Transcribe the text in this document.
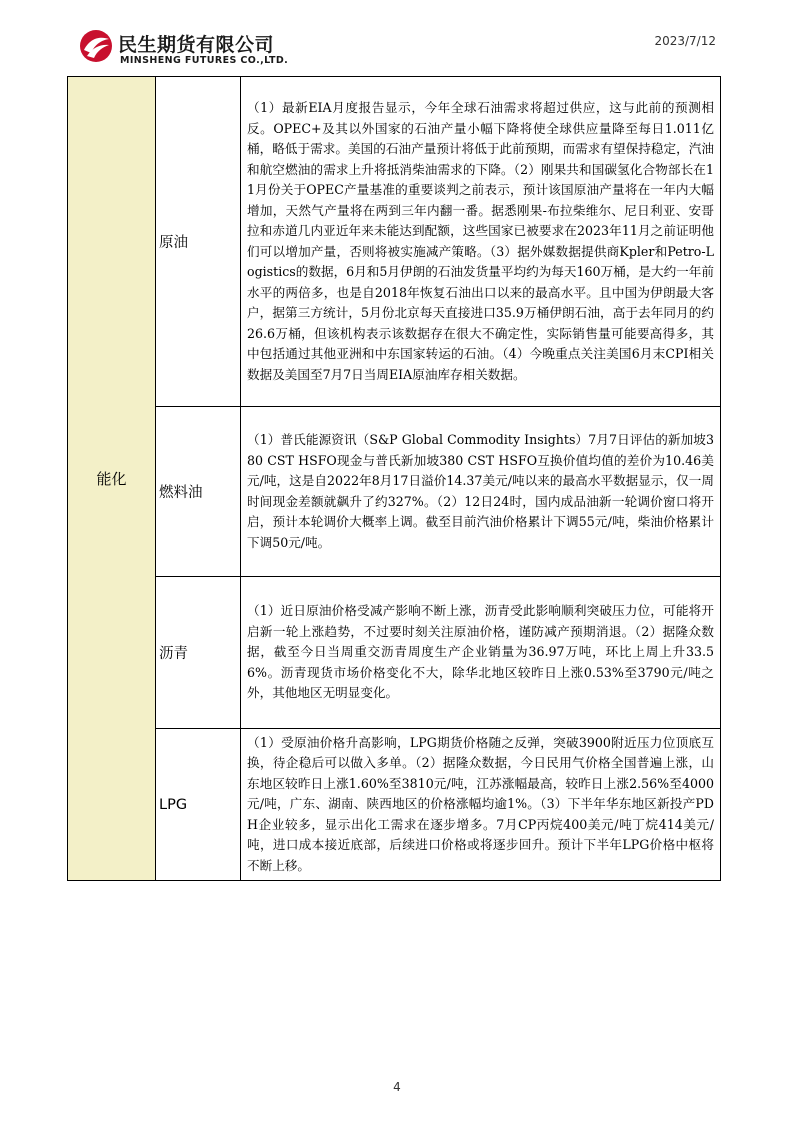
民生期货有限公司
MINSHENG FUTURES CO.,LTD.
2023/7/12
能化	原油	（1）最新EIA月度报告显示，今年全球石油需求将超过供应，这与此前的预测相反。OPEC+及其以外国家的石油产量小幅下降将使全球供应量降至每日1.011亿桶，略低于需求。美国的石油产量预计将低于此前预期，而需求有望保持稳定，汽油和航空燃油的需求上升将抵消柴油需求的下降。（2）刚果共和国碳氢化合物部长在11月份关于OPEC产量基准的重要谈判之前表示，预计该国原油产量将在一年内大幅增加，天然气产量将在两到三年内翻一番。据悉刚果-布拉柴维尔、尼日利亚、安哥拉和赤道几内亚近年来未能达到配额，这些国家已被要求在2023年11月之前证明他们可以增加产量，否则将被实施减产策略。（3）据外媒数据提供商Kpler和Petro-Logistics的数据，6月和5月伊朗的石油发货量平均约为每天160万桶，是大约一年前水平的两倍多，也是自2018年恢复石油出口以来的最高水平。且中国为伊朗最大客户，据第三方统计，5月份北京每天直接进口35.9万桶伊朗石油，高于去年同月的约26.6万桶，但该机构表示该数据存在很大不确定性，实际销售量可能要高得多，其中包括通过其他亚洲和中东国家转运的石油。（4）今晚重点关注美国6月末CPI相关数据及美国至7月7日当周EIA原油库存相关数据。
	燃料油	（1）普氏能源资讯（S&P Global Commodity Insights）7月7日评估的新加坡380 CST HSFO现金与普氏新加坡380 CST HSFO互换价值均值的差价为10.46美元/吨，这是自2022年8月17日溢价14.37美元/吨以来的最高水平数据显示，仅一周时间现金差额就飙升了约327%。（2）12日24时，国内成品油新一轮调价窗口将开启，预计本轮调价大概率上调。截至目前汽油价格累计下调55元/吨，柴油价格累计下调50元/吨。
	沥青	（1）近日原油价格受减产影响不断上涨，沥青受此影响顺利突破压力位，可能将开启新一轮上涨趋势，不过要时刻关注原油价格，谨防减产预期消退。（2）据隆众数据，截至今日当周重交沥青周度生产企业销量为36.97万吨，环比上周上升33.56%。沥青现货市场价格变化不大，除华北地区较昨日上涨0.53%至3790元/吨之外，其他地区无明显变化。
	LPG	（1）受原油价格升高影响，LPG期货价格随之反弹，突破3900附近压力位顶底互换，待企稳后可以做入多单。（2）据隆众数据，今日民用气价格全国普遍上涨，山东地区较昨日上涨1.60%至3810元/吨，江苏涨幅最高，较昨日上涨2.56%至4000元/吨，广东、湖南、陕西地区的价格涨幅均逾1%。（3）下半年华东地区新投产PDH企业较多，显示出化工需求在逐步增多。7月CP丙烷400美元/吨丁烷414美元/吨，进口成本接近底部，后续进口价格或将逐步回升。预计下半年LPG价格中枢将不断上移。
4
